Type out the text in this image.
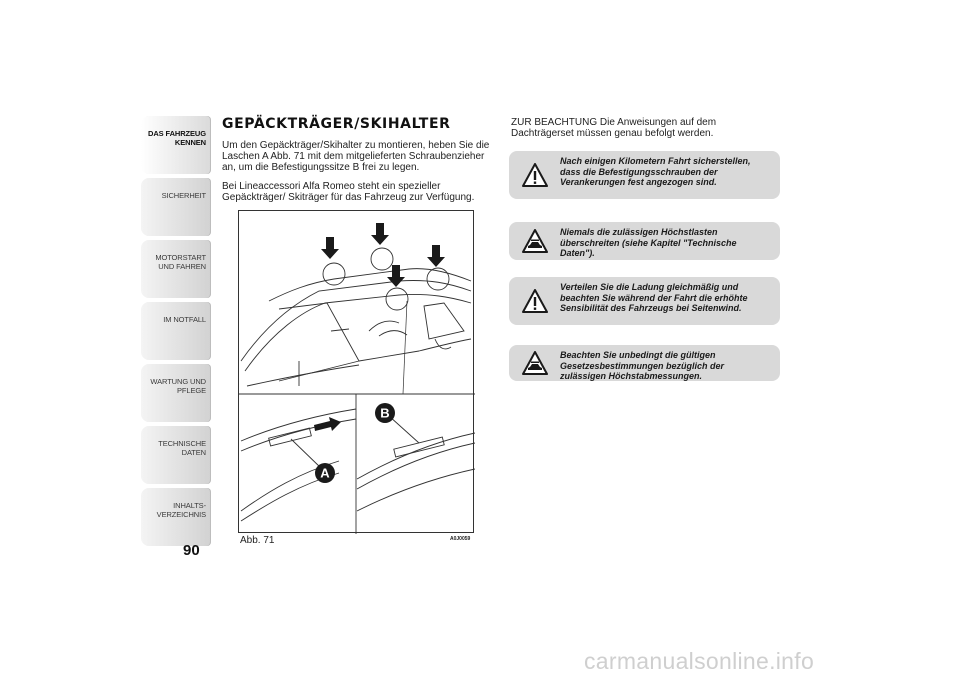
DAS FAHRZEUG KENNEN
SICHERHEIT
MOTORSTART UND FAHREN
IM NOTFALL
WARTUNG UND PFLEGE
TECHNISCHE DATEN
INHALTS-VERZEICHNIS
90
GEPÄCKTRÄGER/SKIHALTER

Um den Gepäckträger/Skihalter zu montieren, heben Sie die Laschen A Abb. 71 mit dem mitgelieferten Schraubenzieher an, um die Befestigungssitze B frei zu legen.

Bei Lineaccessori Alfa Romeo steht ein spezieller Gepäckträger/ Skiträger für das Fahrzeug zur Verfügung.

A
B
Abb. 71	A0J0059

ZUR BEACHTUNG Die Anweisungen auf dem Dachträgerset müssen genau befolgt werden.

Nach einigen Kilometern Fahrt sicherstellen, dass die Befestigungsschrauben der Verankerungen fest angezogen sind.
Niemals die zulässigen Höchstlasten überschreiten (siehe Kapitel "Technische Daten").
Verteilen Sie die Ladung gleichmäßig und beachten Sie während der Fahrt die erhöhte Sensibilität des Fahrzeugs bei Seitenwind.
Beachten Sie unbedingt die gültigen Gesetzesbestimmungen bezüglich der zulässigen Höchstabmessungen.
carmanualsonline.info
